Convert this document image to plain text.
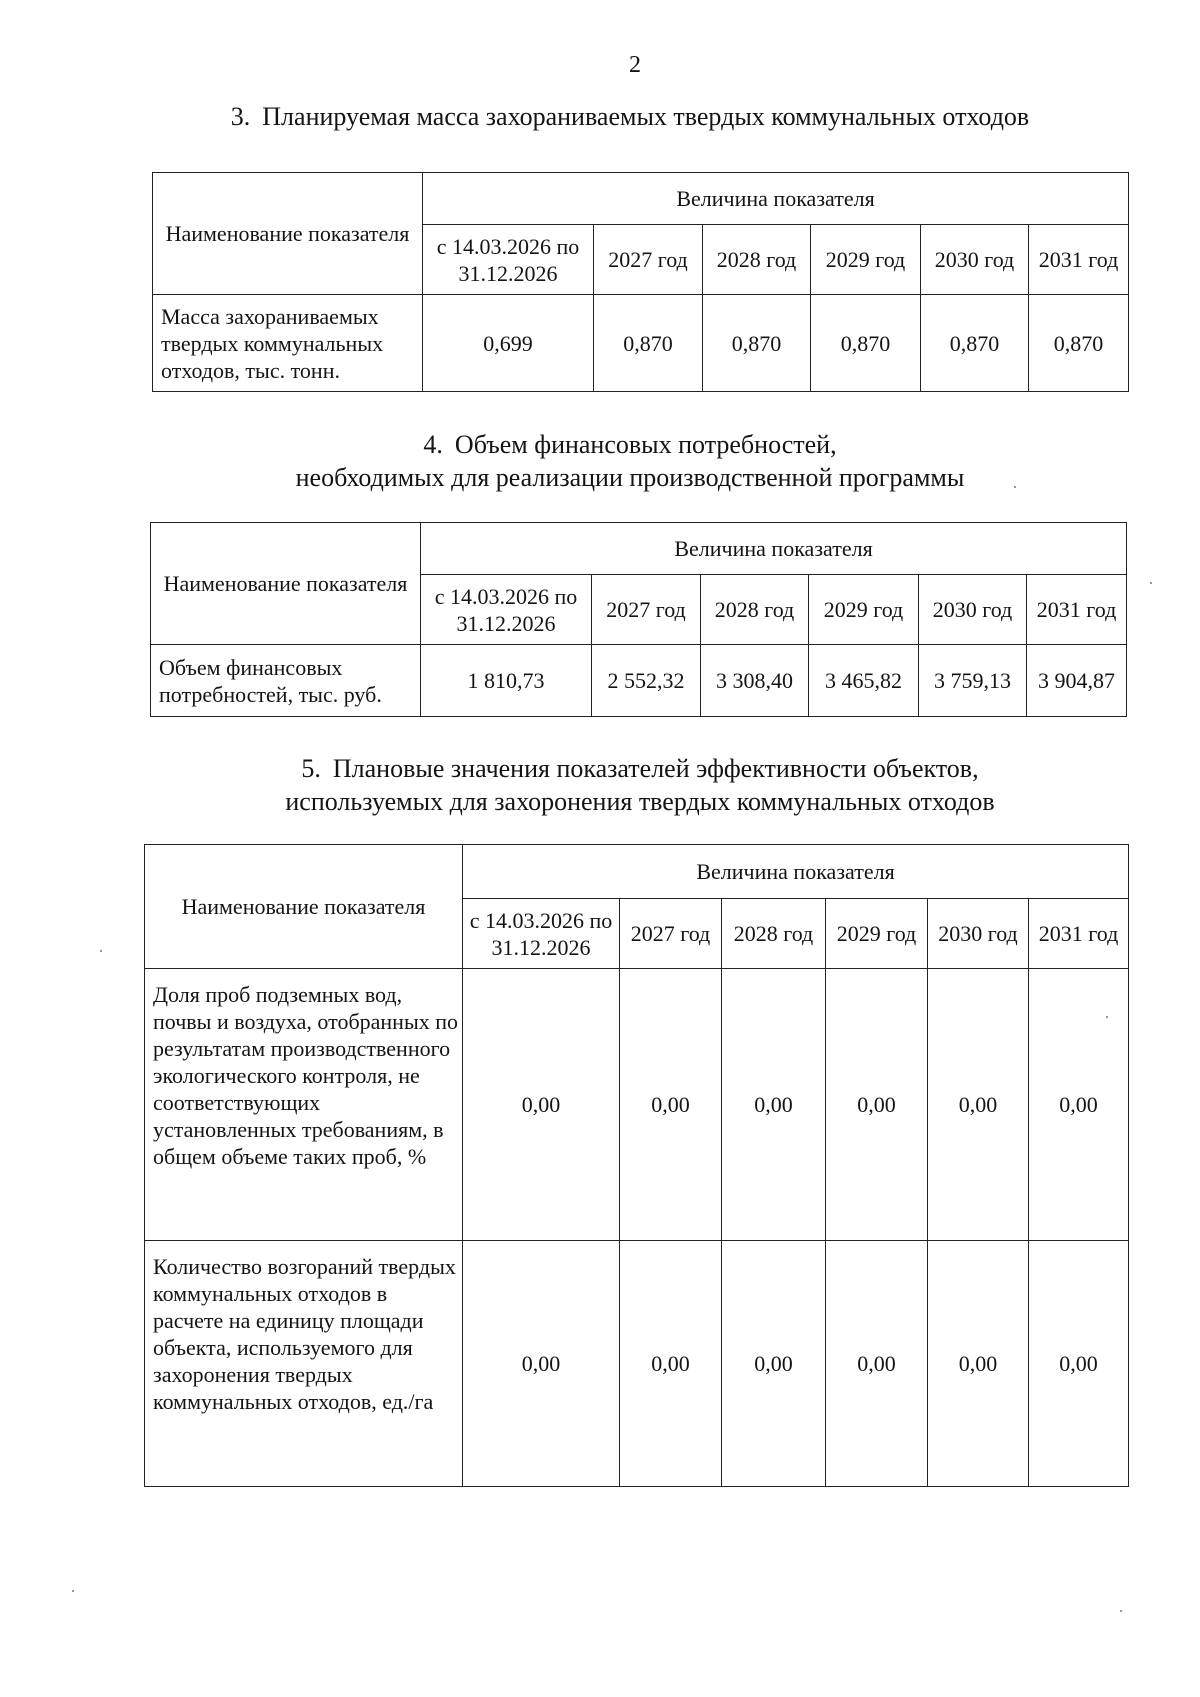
2
3. Планируемая масса захораниваемых твердых коммунальных отходов
Наименование показателя	Величина показателя					
	с 14.03.2026 по 31.12.2026	2027 год	2028 год	2029 год	2030 год	2031 год
Масса захораниваемых твердых коммунальных отходов, тыс. тонн.	0,699	0,870	0,870	0,870	0,870	0,870
4. Объем финансовых потребностей,
необходимых для реализации производственной программы
Наименование показателя	Величина показателя					
	с 14.03.2026 по 31.12.2026	2027 год	2028 год	2029 год	2030 год	2031 год
Объем финансовых потребностей, тыс. руб.	1 810,73	2 552,32	3 308,40	3 465,82	3 759,13	3 904,87
5. Плановые значения показателей эффективности объектов,
используемых для захоронения твердых коммунальных отходов
Наименование показателя	Величина показателя					
	с 14.03.2026 по 31.12.2026	2027 год	2028 год	2029 год	2030 год	2031 год
Доля проб подземных вод, почвы и воздуха, отобранных по результатам производственного экологического контроля, не соответствующих установленных требованиям, в общем объеме таких проб, %	0,00	0,00	0,00	0,00	0,00	0,00
Количество возгораний твердых коммунальных отходов в расчете на единицу площади объекта, используемого для захоронения твердых коммунальных отходов, ед./га	0,00	0,00	0,00	0,00	0,00	0,00
